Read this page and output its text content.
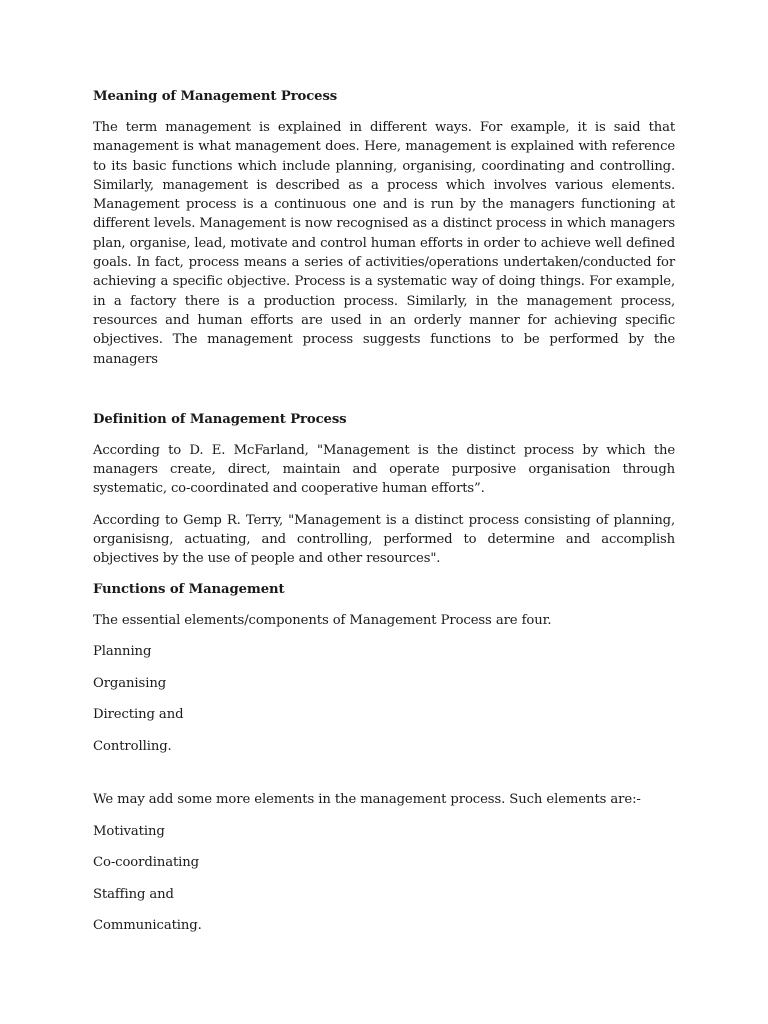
Meaning of Management Process
The term management is explained in different ways. For example, it is said that management is what management does. Here, management is explained with reference to its basic functions which include planning, organising, coordinating and controlling. Similarly, management is described as a process which involves various elements. Management process is a continuous one and is run by the managers functioning at different levels. Management is now recognised as a distinct process in which managers plan, organise, lead, motivate and control human efforts in order to achieve well defined goals. In fact, process means a series of activities/operations undertaken/conducted for achieving a specific objective. Process is a systematic way of doing things. For example, in a factory there is a production process. Similarly, in the management process, resources and human efforts are used in an orderly manner for achieving specific objectives. The management process suggests functions to be performed by the managers
Definition of Management Process
According to D. E. McFarland, "Management is the distinct process by which the managers create, direct, maintain and operate purposive organisation through systematic, co-coordinated and cooperative human efforts”.
According to Gemp R. Terry, "Management is a distinct process consisting of planning, organisisng, actuating, and controlling, performed to determine and accomplish objectives by the use of people and other resources".
Functions of Management
The essential elements/components of Management Process are four.
Planning
Organising
Directing and
Controlling.
We may add some more elements in the management process. Such elements are:-
Motivating
Co-coordinating
Staffing and
Communicating.
